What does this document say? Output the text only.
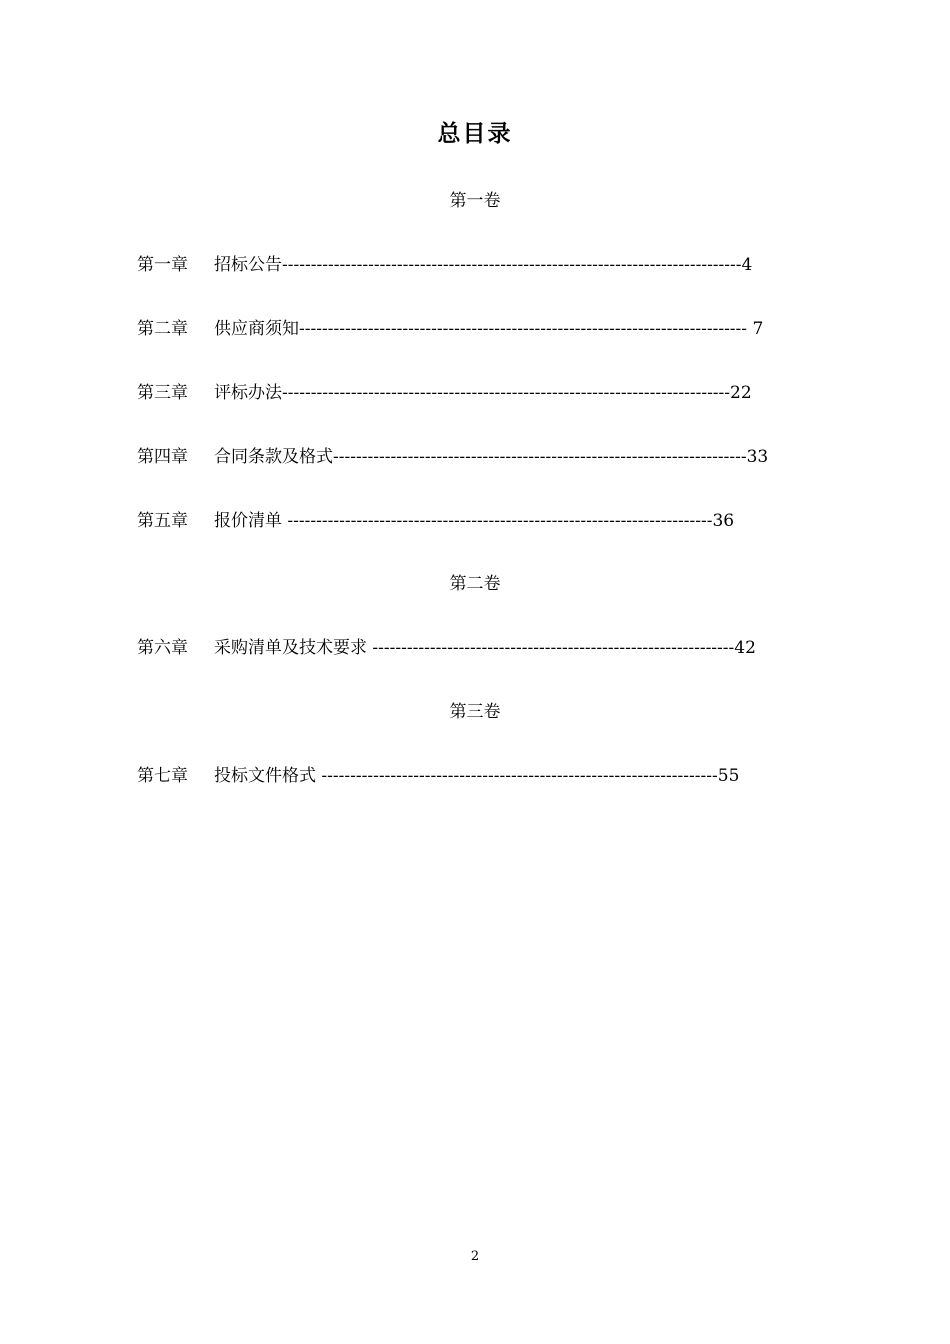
总目录
第一卷
第一章 招标公告--------------------------------------------------------------------------------4
第二章 供应商须知------------------------------------------------------------------------------ 7
第三章 评标办法------------------------------------------------------------------------------22
第四章 合同条款及格式------------------------------------------------------------------------33
第五章 报价清单 --------------------------------------------------------------------------36
第二卷
第六章 采购清单及技术要求 ---------------------------------------------------------------42
第三卷
第七章 投标文件格式 ---------------------------------------------------------------------55
2
